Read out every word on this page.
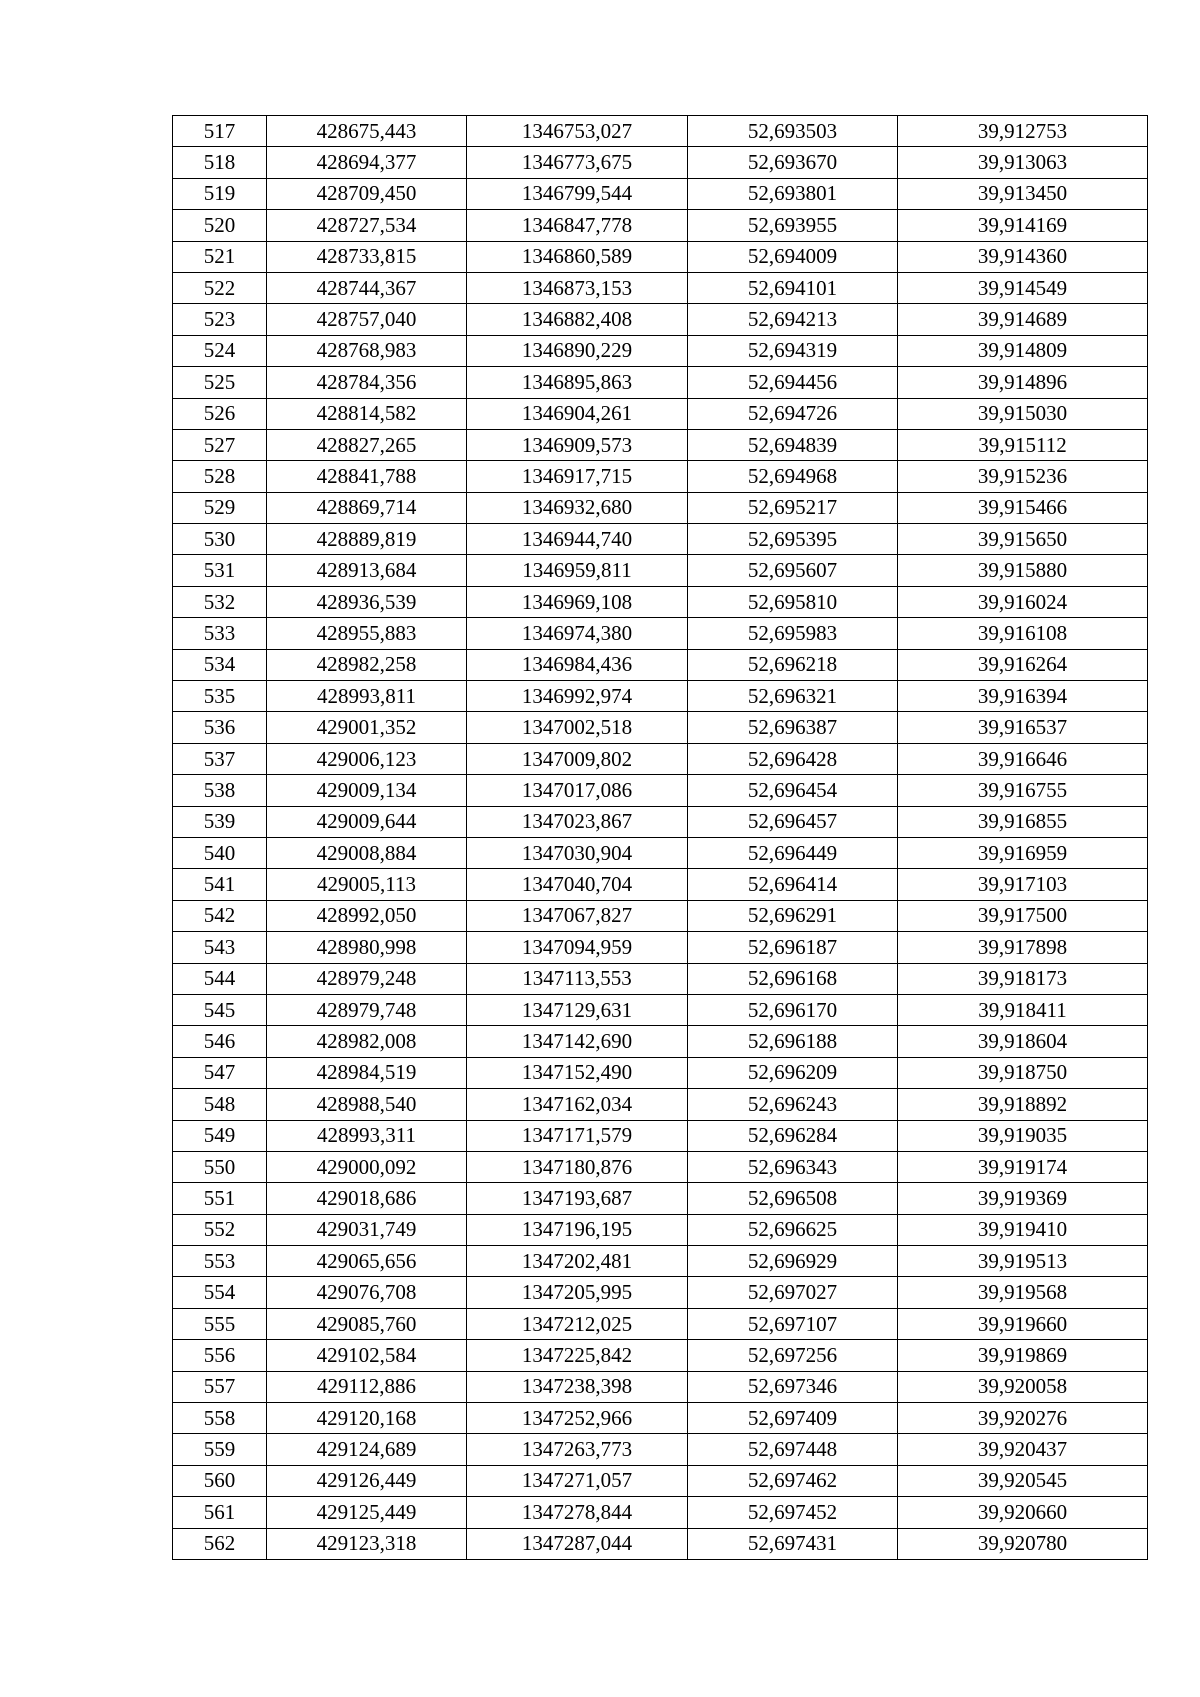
517	428675,443	1346753,027	52,693503	39,912753
518	428694,377	1346773,675	52,693670	39,913063
519	428709,450	1346799,544	52,693801	39,913450
520	428727,534	1346847,778	52,693955	39,914169
521	428733,815	1346860,589	52,694009	39,914360
522	428744,367	1346873,153	52,694101	39,914549
523	428757,040	1346882,408	52,694213	39,914689
524	428768,983	1346890,229	52,694319	39,914809
525	428784,356	1346895,863	52,694456	39,914896
526	428814,582	1346904,261	52,694726	39,915030
527	428827,265	1346909,573	52,694839	39,915112
528	428841,788	1346917,715	52,694968	39,915236
529	428869,714	1346932,680	52,695217	39,915466
530	428889,819	1346944,740	52,695395	39,915650
531	428913,684	1346959,811	52,695607	39,915880
532	428936,539	1346969,108	52,695810	39,916024
533	428955,883	1346974,380	52,695983	39,916108
534	428982,258	1346984,436	52,696218	39,916264
535	428993,811	1346992,974	52,696321	39,916394
536	429001,352	1347002,518	52,696387	39,916537
537	429006,123	1347009,802	52,696428	39,916646
538	429009,134	1347017,086	52,696454	39,916755
539	429009,644	1347023,867	52,696457	39,916855
540	429008,884	1347030,904	52,696449	39,916959
541	429005,113	1347040,704	52,696414	39,917103
542	428992,050	1347067,827	52,696291	39,917500
543	428980,998	1347094,959	52,696187	39,917898
544	428979,248	1347113,553	52,696168	39,918173
545	428979,748	1347129,631	52,696170	39,918411
546	428982,008	1347142,690	52,696188	39,918604
547	428984,519	1347152,490	52,696209	39,918750
548	428988,540	1347162,034	52,696243	39,918892
549	428993,311	1347171,579	52,696284	39,919035
550	429000,092	1347180,876	52,696343	39,919174
551	429018,686	1347193,687	52,696508	39,919369
552	429031,749	1347196,195	52,696625	39,919410
553	429065,656	1347202,481	52,696929	39,919513
554	429076,708	1347205,995	52,697027	39,919568
555	429085,760	1347212,025	52,697107	39,919660
556	429102,584	1347225,842	52,697256	39,919869
557	429112,886	1347238,398	52,697346	39,920058
558	429120,168	1347252,966	52,697409	39,920276
559	429124,689	1347263,773	52,697448	39,920437
560	429126,449	1347271,057	52,697462	39,920545
561	429125,449	1347278,844	52,697452	39,920660
562	429123,318	1347287,044	52,697431	39,920780
